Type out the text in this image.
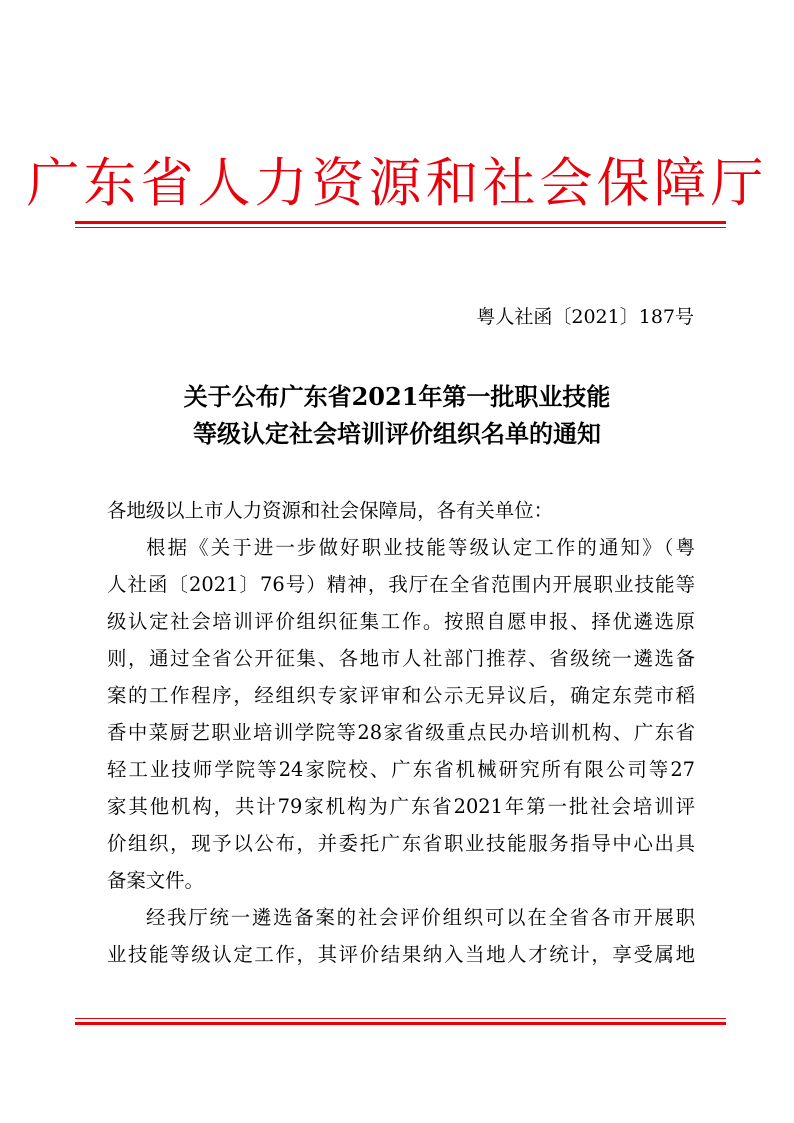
广东省人力资源和社会保障厅
粤人社函〔2021〕187号
关于公布广东省2021年第一批职业技能
等级认定社会培训评价组织名单的通知
各地级以上市人力资源和社会保障局，各有关单位：
根据《关于进一步做好职业技能等级认定工作的通知》（粤
人社函〔2021〕76号）精神，我厅在全省范围内开展职业技能等
级认定社会培训评价组织征集工作。按照自愿申报、择优遴选原
则，通过全省公开征集、各地市人社部门推荐、省级统一遴选备
案的工作程序，经组织专家评审和公示无异议后，确定东莞市稻
香中菜厨艺职业培训学院等28家省级重点民办培训机构、广东省
轻工业技师学院等24家院校、广东省机械研究所有限公司等27
家其他机构，共计79家机构为广东省2021年第一批社会培训评
价组织，现予以公布，并委托广东省职业技能服务指导中心出具
备案文件。
经我厅统一遴选备案的社会评价组织可以在全省各市开展职
业技能等级认定工作，其评价结果纳入当地人才统计，享受属地
